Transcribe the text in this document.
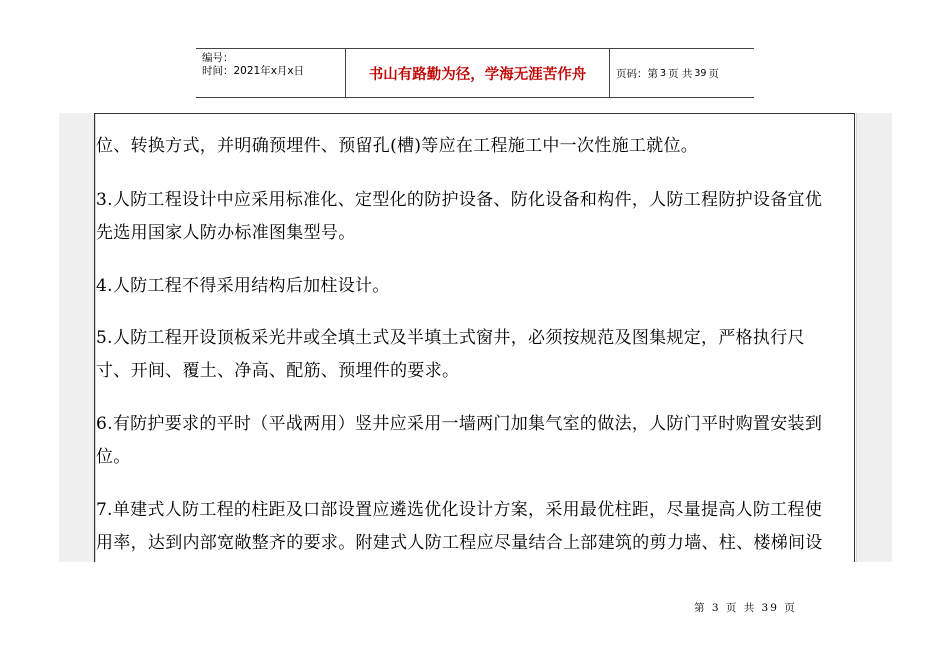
编号：
时间：2021年x月x日	书山有路勤为径，学海无涯苦作舟	页码：第 3 页 共 39 页
位、转换方式，并明确预埋件、预留孔(槽)等应在工程施工中一次性施工就位。
3.人防工程设计中应采用标准化、定型化的防护设备、防化设备和构件，人防工程防护设备宜优
先选用国家人防办标准图集型号。
4.人防工程不得采用结构后加柱设计。
5.人防工程开设顶板采光井或全填土式及半填土式窗井，必须按规范及图集规定，严格执行尺
寸、开间、覆土、净高、配筋、预埋件的要求。
6.有防护要求的平时（平战两用）竖井应采用一墙两门加集气室的做法，人防门平时购置安装到
位。
7.单建式人防工程的柱距及口部设置应遴选优化设计方案，采用最优柱距，尽量提高人防工程使
用率，达到内部宽敞整齐的要求。附建式人防工程应尽量结合上部建筑的剪力墙、柱、楼梯间设
第 3 页 共 39 页
